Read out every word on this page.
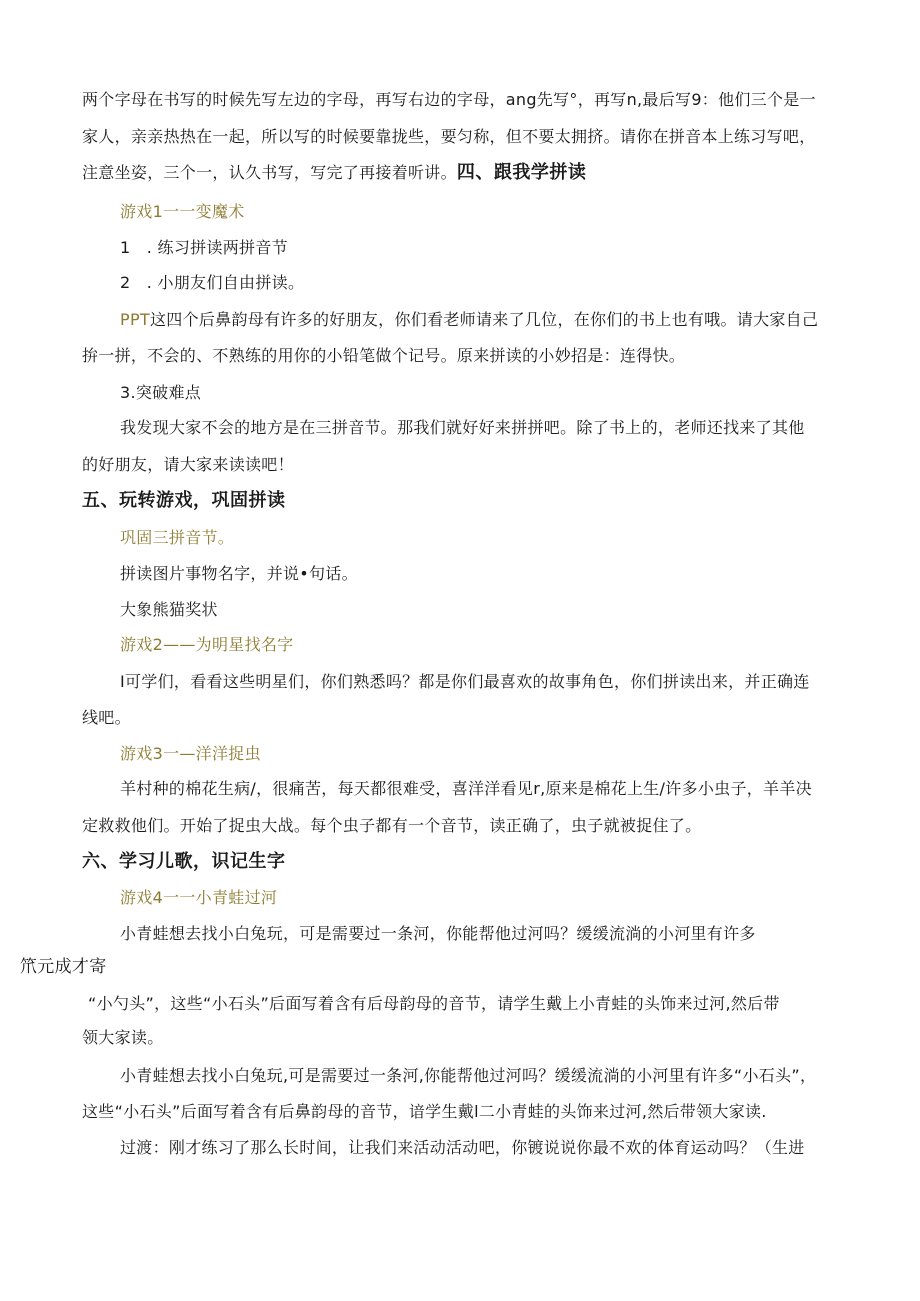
两个字母在书写的时候先写左边的字母，再写右边的字母，ang先写°，再写n,最后写9：他们三个是一
家人，亲亲热热在一起，所以写的时候要靠拢些，要匀称，但不要太拥挤。请你在拼音本上练习写吧，
注意坐姿，三个一，认久书写，写完了再接着听讲。四、跟我学拼读
游戏1一一变魔术
1　. 练习拼读两拼音节
2　. 小朋友们自由拼读。
PPT这四个后鼻韵母有许多的好朋友，你们看老师请来了几位，在你们的书上也有哦。请大家自己
拚一拼，不会的、不熟练的用你的小铅笔做个记号。原来拼读的小妙招是：连得快。
3.突破难点
我发现大家不会的地方是在三拼音节。那我们就好好来拼拼吧。除了书上的，老师还找来了其他
的好朋友，请大家来读读吧！
五、玩转游戏，巩固拼读
巩固三拼音节。
拼读图片事物名字，并说•句话。
大象熊猫奖状
游戏2——为明星找名字
I可学们，看看这些明星们，你们熟悉吗？都是你们最喜欢的故事角色，你们拼读出来，并正确连
线吧。
游戏3一—洋洋捉虫
羊村种的棉花生病/，很痛苦，每天都很难受，喜洋洋看见r,原来是棉花上生/许多小虫子，羊羊决
定救救他们。开始了捉虫大战。每个虫子都有一个音节，读正确了，虫子就被捉住了。
六、学习儿歌，识记生字
游戏4一一小青蛙过河
小青蛙想去找小白兔玩，可是需要过一条河，你能帮他过河吗？缓缓流淌的小河里有许多
笊元成才寄
“小勺头”，这些“小石头”后面写着含有后母韵母的音节，请学生戴上小青蛙的头饰来过河,然后带
领大家读。
小青蛙想去找小白兔玩,可是需要过一条河,你能帮他过河吗？缓缓流淌的小河里有许多“小石头”，
这些“小石头”后面写着含有后鼻韵母的音节，谙学生戴l二小青蛙的头饰来过河,然后带领大家读.
过渡：刚才练习了那么长时间，让我们来活动活动吧，你镀说说你最不欢的体育运动吗？（生进
